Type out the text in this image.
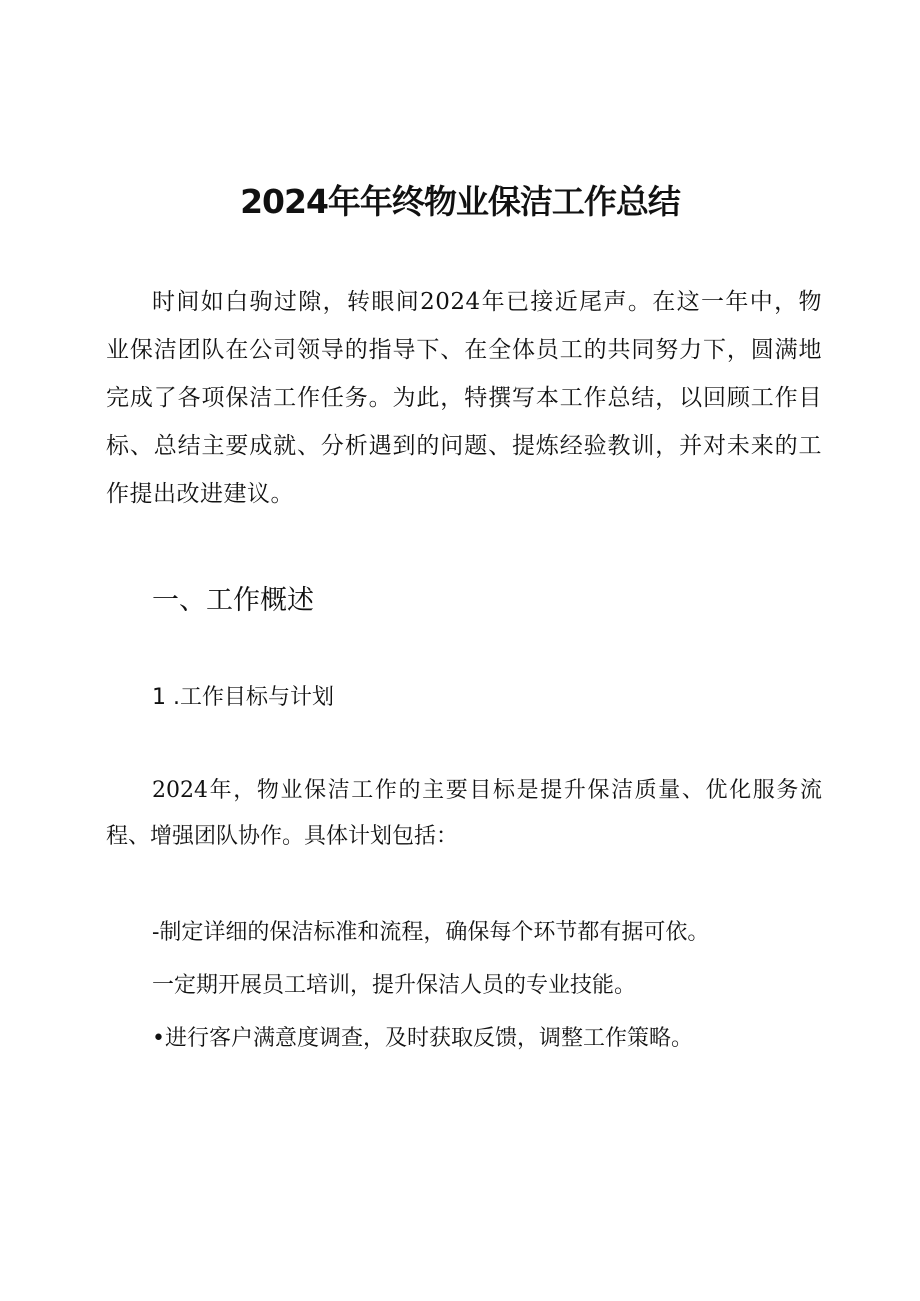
2024年年终物业保洁工作总结

时间如白驹过隙，转眼间2024年已接近尾声。在这一年中，物业保洁团队在公司领导的指导下、在全体员工的共同努力下，圆满地完成了各项保洁工作任务。为此，特撰写本工作总结，以回顾工作目标、总结主要成就、分析遇到的问题、提炼经验教训，并对未来的工作提出改进建议。

一、工作概述
1 .工作目标与计划

2024年，物业保洁工作的主要目标是提升保洁质量、优化服务流程、增强团队协作。具体计划包括：

-制定详细的保洁标准和流程，确保每个环节都有据可依。
一定期开展员工培训，提升保洁人员的专业技能。
•进行客户满意度调查，及时获取反馈，调整工作策略。
